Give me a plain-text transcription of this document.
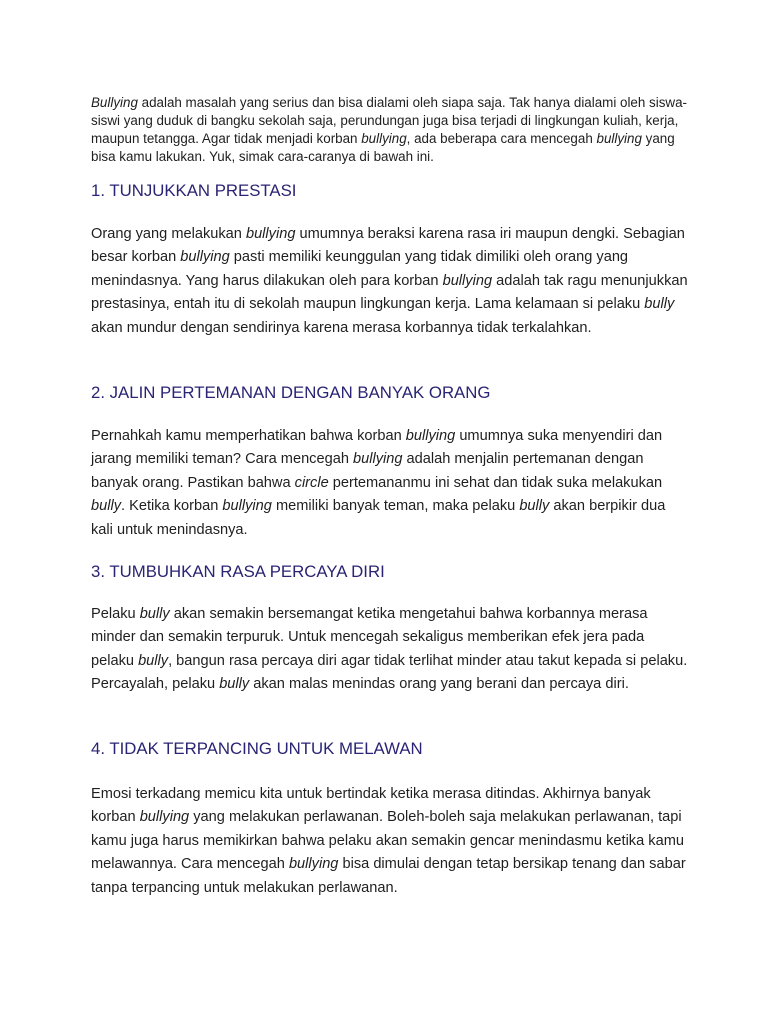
Bullying adalah masalah yang serius dan bisa dialami oleh siapa saja. Tak hanya dialami oleh siswa-siswi yang duduk di bangku sekolah saja, perundungan juga bisa terjadi di lingkungan kuliah, kerja, maupun tetangga. Agar tidak menjadi korban bullying, ada beberapa cara mencegah bullying yang bisa kamu lakukan. Yuk, simak cara-caranya di bawah ini.

1. TUNJUKKAN PRESTASI

Orang yang melakukan bullying umumnya beraksi karena rasa iri maupun dengki. Sebagian besar korban bullying pasti memiliki keunggulan yang tidak dimiliki oleh orang yang menindasnya. Yang harus dilakukan oleh para korban bullying adalah tak ragu menunjukkan prestasinya, entah itu di sekolah maupun lingkungan kerja. Lama kelamaan si pelaku bully akan mundur dengan sendirinya karena merasa korbannya tidak terkalahkan.

2. JALIN PERTEMANAN DENGAN BANYAK ORANG

Pernahkah kamu memperhatikan bahwa korban bullying umumnya suka menyendiri dan jarang memiliki teman? Cara mencegah bullying adalah menjalin pertemanan dengan banyak orang. Pastikan bahwa circle pertemananmu ini sehat dan tidak suka melakukan bully. Ketika korban bullying memiliki banyak teman, maka pelaku bully akan berpikir dua kali untuk menindasnya.

3. TUMBUHKAN RASA PERCAYA DIRI

Pelaku bully akan semakin bersemangat ketika mengetahui bahwa korbannya merasa minder dan semakin terpuruk. Untuk mencegah sekaligus memberikan efek jera pada pelaku bully, bangun rasa percaya diri agar tidak terlihat minder atau takut kepada si pelaku. Percayalah, pelaku bully akan malas menindas orang yang berani dan percaya diri.

4. TIDAK TERPANCING UNTUK MELAWAN

Emosi terkadang memicu kita untuk bertindak ketika merasa ditindas. Akhirnya banyak korban bullying yang melakukan perlawanan. Boleh-boleh saja melakukan perlawanan, tapi kamu juga harus memikirkan bahwa pelaku akan semakin gencar menindasmu ketika kamu melawannya. Cara mencegah bullying bisa dimulai dengan tetap bersikap tenang dan sabar tanpa terpancing untuk melakukan perlawanan.
